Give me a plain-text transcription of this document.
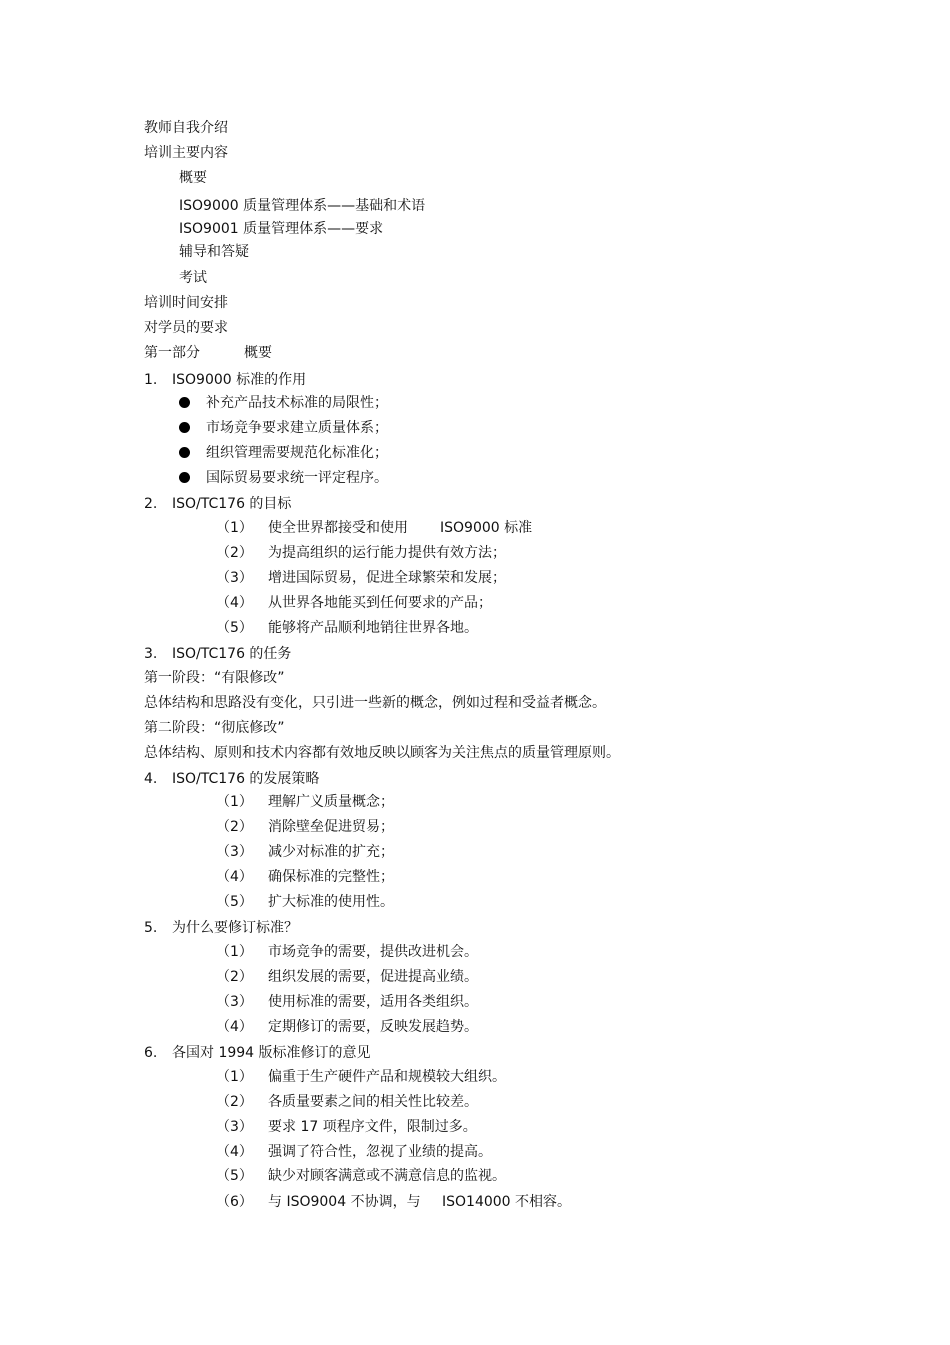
教师自我介绍
培训主要内容
概要
ISO9000 质量管理体系——基础和术语
ISO9001 质量管理体系——要求
辅导和答疑
考试
培训时间安排
对学员的要求
第一部分	概要
1. ISO9000 标准的作用
补充产品技术标准的局限性；
市场竞争要求建立质量体系；
组织管理需要规范化标准化；
国际贸易要求统一评定程序。
2. ISO/TC176 的目标
（1） 使全世界都接受和使用 ISO9000 标准
（2） 为提高组织的运行能力提供有效方法；
（3） 增进国际贸易，促进全球繁荣和发展；
（4） 从世界各地能买到任何要求的产品；
（5） 能够将产品顺利地销往世界各地。
3. ISO/TC176 的任务
第一阶段：“有限修改”
总体结构和思路没有变化，只引进一些新的概念，例如过程和受益者概念。
第二阶段：“彻底修改”
总体结构、原则和技术内容都有效地反映以顾客为关注焦点的质量管理原则。
4. ISO/TC176 的发展策略
（1） 理解广义质量概念；
（2） 消除壁垒促进贸易；
（3） 减少对标准的扩充；
（4） 确保标准的完整性；
（5） 扩大标准的使用性。
5. 为什么要修订标准？
（1） 市场竞争的需要，提供改进机会。
（2） 组织发展的需要，促进提高业绩。
（3） 使用标准的需要，适用各类组织。
（4） 定期修订的需要，反映发展趋势。
6. 各国对 1994 版标准修订的意见
（1） 偏重于生产硬件产品和规模较大组织。
（2） 各质量要素之间的相关性比较差。
（3） 要求 17 项程序文件，限制过多。
（4） 强调了符合性，忽视了业绩的提高。
（5） 缺少对顾客满意或不满意信息的监视。
（6） 与 ISO9004 不协调，与 ISO14000 不相容。
